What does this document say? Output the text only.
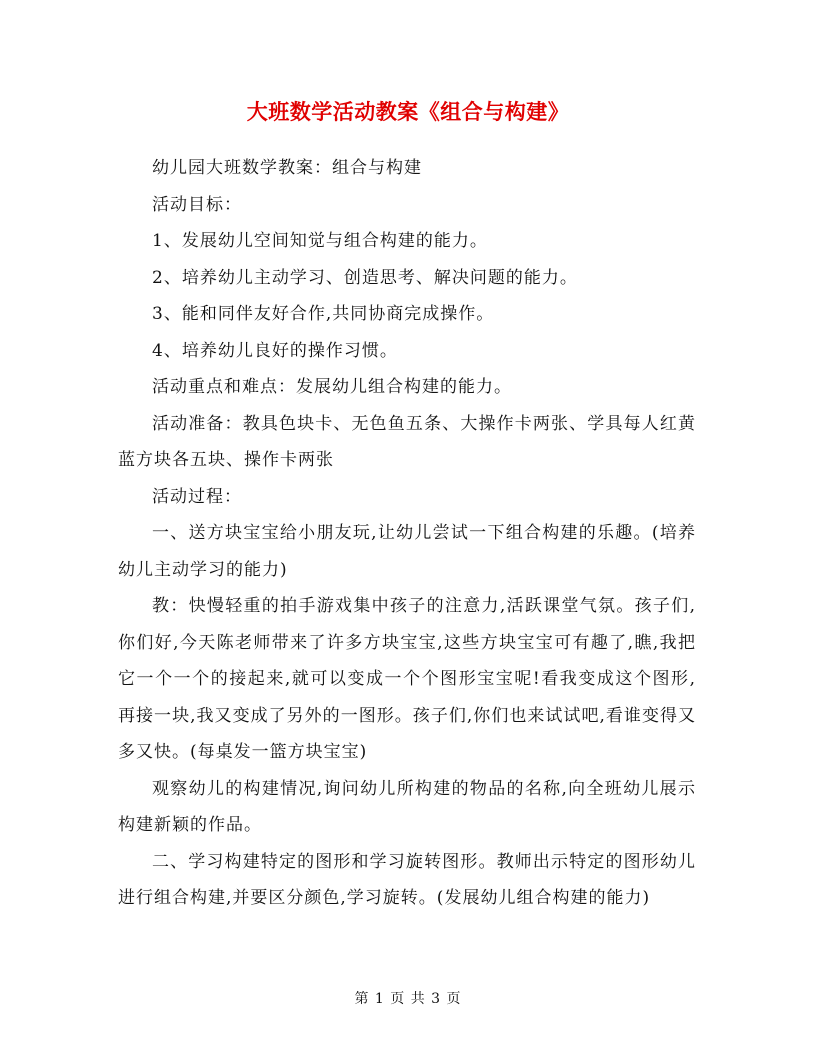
大班数学活动教案《组合与构建》

幼儿园大班数学教案：组合与构建

活动目标：

1、发展幼儿空间知觉与组合构建的能力。

2、培养幼儿主动学习、创造思考、解决问题的能力。

3、能和同伴友好合作,共同协商完成操作。

4、培养幼儿良好的操作习惯。

活动重点和难点：发展幼儿组合构建的能力。

活动准备：教具色块卡、无色鱼五条、大操作卡两张、学具每人红黄蓝方块各五块、操作卡两张

活动过程：

一、送方块宝宝给小朋友玩,让幼儿尝试一下组合构建的乐趣。(培养幼儿主动学习的能力)

教：快慢轻重的拍手游戏集中孩子的注意力,活跃课堂气氛。孩子们,你们好,今天陈老师带来了许多方块宝宝,这些方块宝宝可有趣了,瞧,我把它一个一个的接起来,就可以变成一个个图形宝宝呢!看我变成这个图形,再接一块,我又变成了另外的一图形。孩子们,你们也来试试吧,看谁变得又多又快。(每桌发一篮方块宝宝)

观察幼儿的构建情况,询问幼儿所构建的物品的名称,向全班幼儿展示构建新颖的作品。

二、学习构建特定的图形和学习旋转图形。教师出示特定的图形幼儿进行组合构建,并要区分颜色,学习旋转。(发展幼儿组合构建的能力)

第 1 页 共 3 页
